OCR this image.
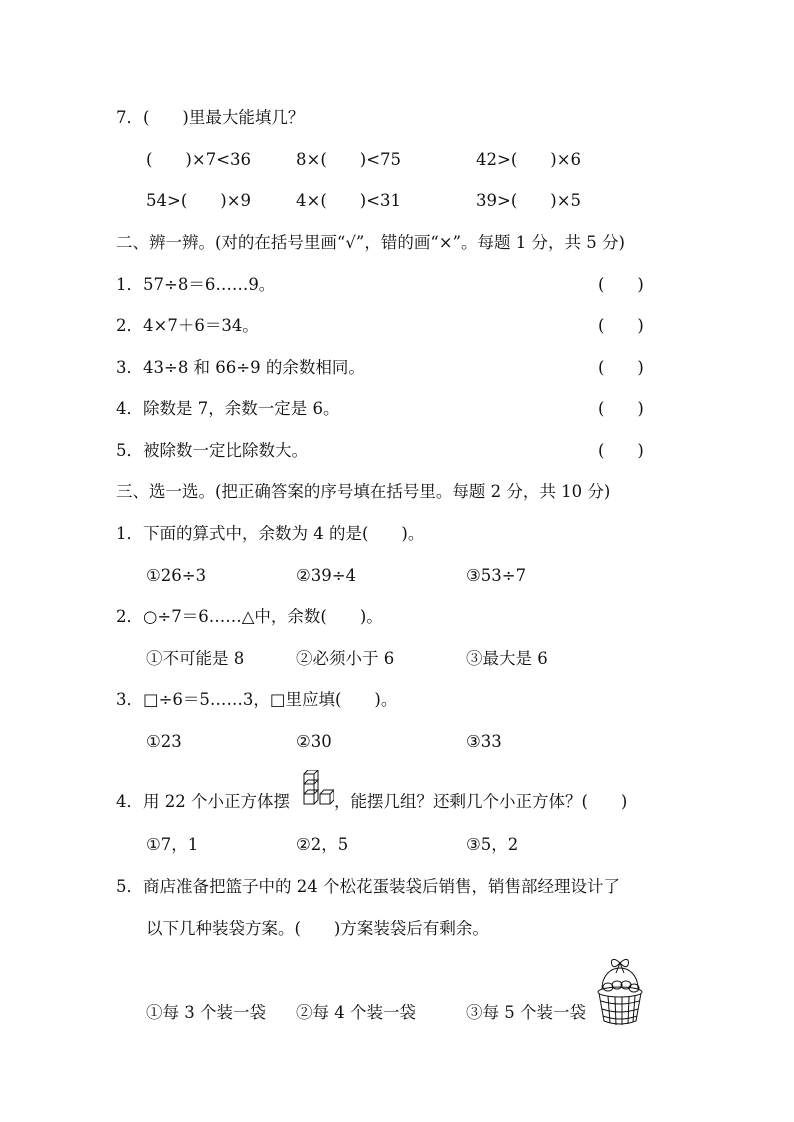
7．(　　)里最大能填几？
(　　)×7<36	8×(　　)<75	42>(　　)×6
54>(　　)×9	4×(　　)<31	39>(　　)×5
二、辨一辨。(对的在括号里画“√”，错的画“×”。每题 1 分，共 5 分)
1．57÷8＝6……9。	(　　)
2．4×7＋6＝34。	(　　)
3．43÷8 和 66÷9 的余数相同。	(　　)
4．除数是 7，余数一定是 6。	(　　)
5．被除数一定比除数大。	(　　)
三、选一选。(把正确答案的序号填在括号里。每题 2 分，共 10 分)
1．下面的算式中，余数为 4 的是(　　)。
①26÷3	②39÷4	③53÷7
2．○÷7＝6……△中，余数(　　)。
①不可能是 8	②必须小于 6	③最大是 6
3．□÷6＝5……3，□里应填(　　)。
①23	②30	③33
4．用 22 个小正方体摆	，能摆几组？还剩几个小正方体？(　　)
①7，1	②2，5	③5，2
5．商店准备把篮子中的 24 个松花蛋装袋后销售，销售部经理设计了
以下几种装袋方案。(　　)方案装袋后有剩余。
①每 3 个装一袋 ②每 4 个装一袋	③每 5 个装一袋
